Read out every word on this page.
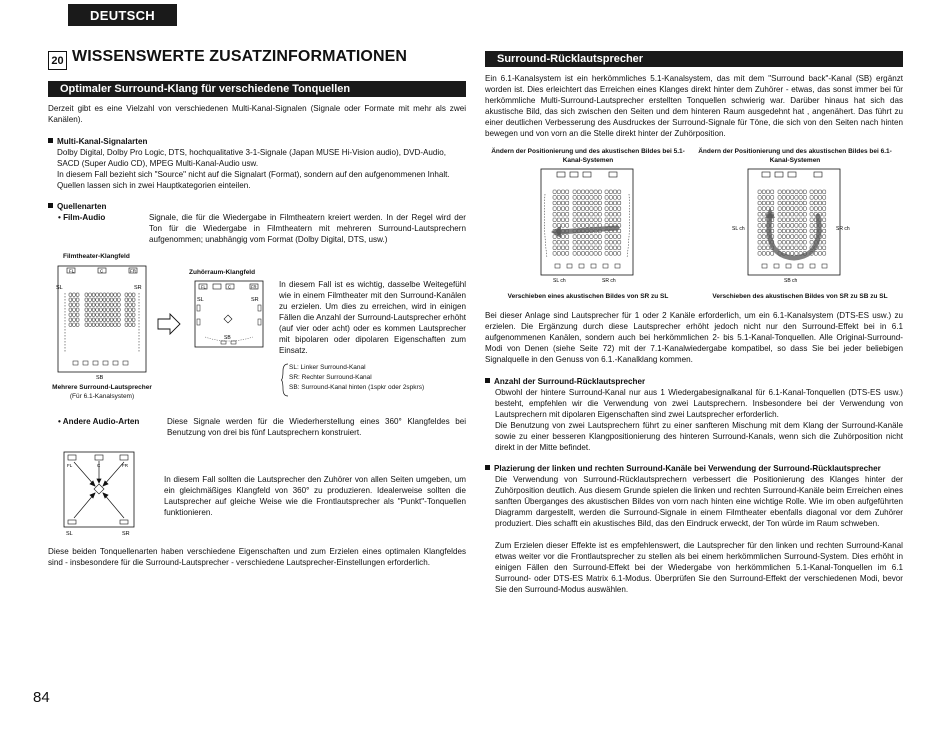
DEUTSCH
20 WISSENSWERTE ZUSATZINFORMATIONEN
Optimaler Surround-Klang für verschiedene Tonquellen
Derzeit gibt es eine Vielzahl von verschiedenen Multi-Kanal-Signalen (Signale oder Formate mit mehr als zwei Kanälen).
Multi-Kanal-Signalarten
Dolby Digital, Dolby Pro Logic, DTS, hochqualitative 3-1-Signale (Japan MUSE Hi-Vision audio), DVD-Audio,
SACD (Super Audio CD), MPEG Multi-Kanal-Audio usw.
In diesem Fall bezieht sich "Source" nicht auf die Signalart (Format), sondern auf den aufgenommenen Inhalt.
Quellen lassen sich in zwei Hauptkategorien einteilen.
Quellenarten
• Film-Audio	Signale, die für die Wiedergabe in Filmtheatern kreiert werden. In der Regel wird der Ton für die Wiedergabe in Filmtheatern mit mehreren Surround-Lautsprechern aufgenommen; unabhängig vom Format (Dolby Digital, DTS, usw.)
Filmtheater-Klangfeld
FL	C	FR
SL	SR
SB
Mehrere Surround-Lautsprecher
(Für 6.1-Kanalsystem)
Zuhörraum-Klangfeld
FL	C	FR
SL	SR
SB
In diesem Fall ist es wichtig, dasselbe Weitegefühl wie in einem Filmtheater mit den Surround-Kanälen zu erzielen. Um dies zu erreichen, wird in einigen Fällen die Anzahl der Surround-Lautsprecher erhöht (auf vier oder acht) oder es kommen Lautsprecher mit bipolaren oder dipolaren Eigenschaften zum Einsatz.
SL: Linker Surround-Kanal
SR: Rechter Surround-Kanal
SB: Surround-Kanal hinten (1spkr oder 2spkrs)
• Andere Audio-Arten	Diese Signale werden für die Wiederherstellung eines 360° Klangfeldes bei Benutzung von drei bis fünf Lautsprechern konstruiert.
FL	C	FR
SL	SR
In diesem Fall sollten die Lautsprecher den Zuhörer von allen Seiten umgeben, um ein gleichmäßiges Klangfeld von 360° zu produzieren. Idealerweise sollten die Lautsprecher auf gleiche Weise wie die Frontlautsprecher als "Punkt"-Tonquellen funktionieren.
Diese beiden Tonquellenarten haben verschiedene Eigenschaften und zum Erzielen eines optimalen Klangfeldes sind - insbesondere für die Surround-Lautsprecher - verschiedene Lautsprecher-Einstellungen erforderlich.
Surround-Rücklautsprecher
Ein 6.1-Kanalsystem ist ein herkömmliches 5.1-Kanalsystem, das mit dem "Surround back"-Kanal (SB) ergänzt worden ist. Dies erleichtert das Erreichen eines Klanges direkt hinter dem Zuhörer - etwas, das sonst immer bei für herkömmliche Multi-Surround-Lautsprecher erstellten Tonquellen schwierig war. Darüber hinaus hat sich das akustische Bild, das sich zwischen den Seiten und dem hinteren Raum ausgedehnt hat , angenähert. Das führt zu einer deutlichen Verbesserung des Ausdruckes der Surround-Signale für Töne, die sich von den Seiten nach hinten bewegen und von vorn an die Stelle direkt hinter der Zuhörposition.
Ändern der Positionierung und des akustischen Bildes bei 5.1-Kanal-Systemen
Ändern der Positionierung und des akustischen Bildes bei 6.1-Kanal-Systemen
SL ch	SR ch
SL ch	SR ch
SB ch
Verschieben eines akustischen Bildes von SR zu SL	Verschieben des akustischen Bildes von SR zu SB zu SL
Bei dieser Anlage sind Lautsprecher für 1 oder 2 Kanäle erforderlich, um ein 6.1-Kanalsystem (DTS-ES usw.) zu erzielen. Die Ergänzung durch diese Lautsprecher erhöht jedoch nicht nur den Surround-Effekt bei in 6.1 aufgenommenen Kanälen, sondern auch bei herkömmlichen 2- bis 5.1-Kanal-Tonquellen. Alle Original-Surround-Modi von Denen (siehe Seite 72) mit der 7.1-Kanalwiedergabe kompatibel, so dass Sie bei jeder beliebigen Signalquelle in den Genuss von 6.1.-Kanalklang kommen.
Anzahl der Surround-Rücklautsprecher
Obwohl der hintere Surround-Kanal nur aus 1 Wiedergabesignalkanal für 6.1-Kanal-Tonquellen (DTS-ES usw.) besteht, empfehlen wir die Verwendung von zwei Lautsprechern. Insbesondere bei der Verwendung von Lautsprechern mit dipolaren Eigenschaften sind zwei Lautsprecher erforderlich.
Die Benutzung von zwei Lautsprechern führt zu einer sanfteren Mischung mit dem Klang der Surround-Kanäle sowie zu einer besseren Klangpositionierung des hinteren Surround-Kanals, wenn sich die Zuhörposition nicht direkt in der Mitte befindet.
Plazierung der linken und rechten Surround-Kanäle bei Verwendung der Surround-Rücklautsprecher
Die Verwendung von Surround-Rücklautsprechern verbessert die Positionierung des Klanges hinter der Zuhörposition deutlich. Aus diesem Grunde spielen die linken und rechten Surround-Kanäle beim Erreichen eines sanften Überganges des akustischen Bildes von vorn nach hinten eine wichtige Rolle. Wie im oben aufgeführten Diagramm dargestellt, werden die Surround-Signale in einem Filmtheater ebenfalls diagonal vor dem Zuhörer produziert. Dies schafft ein akustisches Bild, das den Eindruck erweckt, der Ton würde im Raum schweben.
Zum Erzielen dieser Effekte ist es empfehlenswert, die Lautsprecher für den linken und rechten Surround-Kanal etwas weiter vor die Frontlautsprecher zu stellen als bei einem herkömmlichen Surround-System. Dies erhöht in einigen Fällen den Surround-Effekt bei der Wiedergabe von herkömmlichen 5.1-Kanal-Tonquellen im 6.1 Surround- oder DTS-ES Matrix 6.1-Modus. Überprüfen Sie den Surround-Effekt der verschiedenen Modi, bevor Sie den Surround-Modus auswählen.
84
